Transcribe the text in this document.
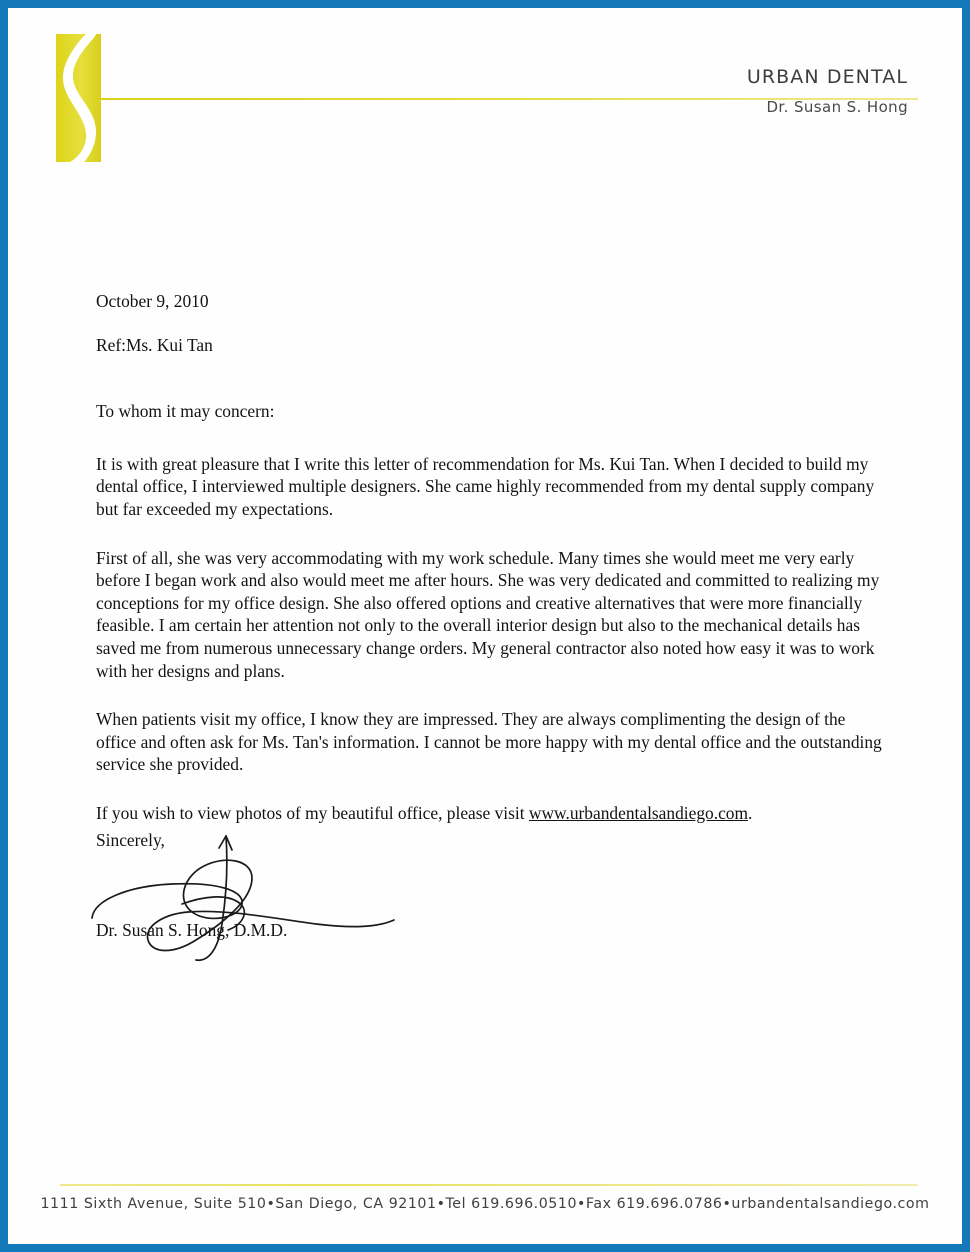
URBAN DENTAL
Dr. Susan S. Hong

October 9, 2010

Ref:Ms. Kui Tan

To whom it may concern:

It is with great pleasure that I write this letter of recommendation for Ms. Kui Tan. When I decided to build my dental office, I interviewed multiple designers. She came highly recommended from my dental supply company but far exceeded my expectations.

First of all, she was very accommodating with my work schedule. Many times she would meet me very early before I began work and also would meet me after hours. She was very dedicated and committed to realizing my conceptions for my office design. She also offered options and creative alternatives that were more financially feasible. I am certain her attention not only to the overall interior design but also to the mechanical details has saved me from numerous unnecessary change orders. My general contractor also noted how easy it was to work with her designs and plans.

When patients visit my office, I know they are impressed. They are always complimenting the design of the office and often ask for Ms. Tan's information. I cannot be more happy with my dental office and the outstanding service she provided.

If you wish to view photos of my beautiful office, please visit www.urbandentalsandiego.com.

Sincerely,
Dr. Susan S. Hong, D.M.D.
1111 Sixth Avenue, Suite 510•San Diego, CA 92101•Tel 619.696.0510•Fax 619.696.0786•urbandentalsandiego.com
